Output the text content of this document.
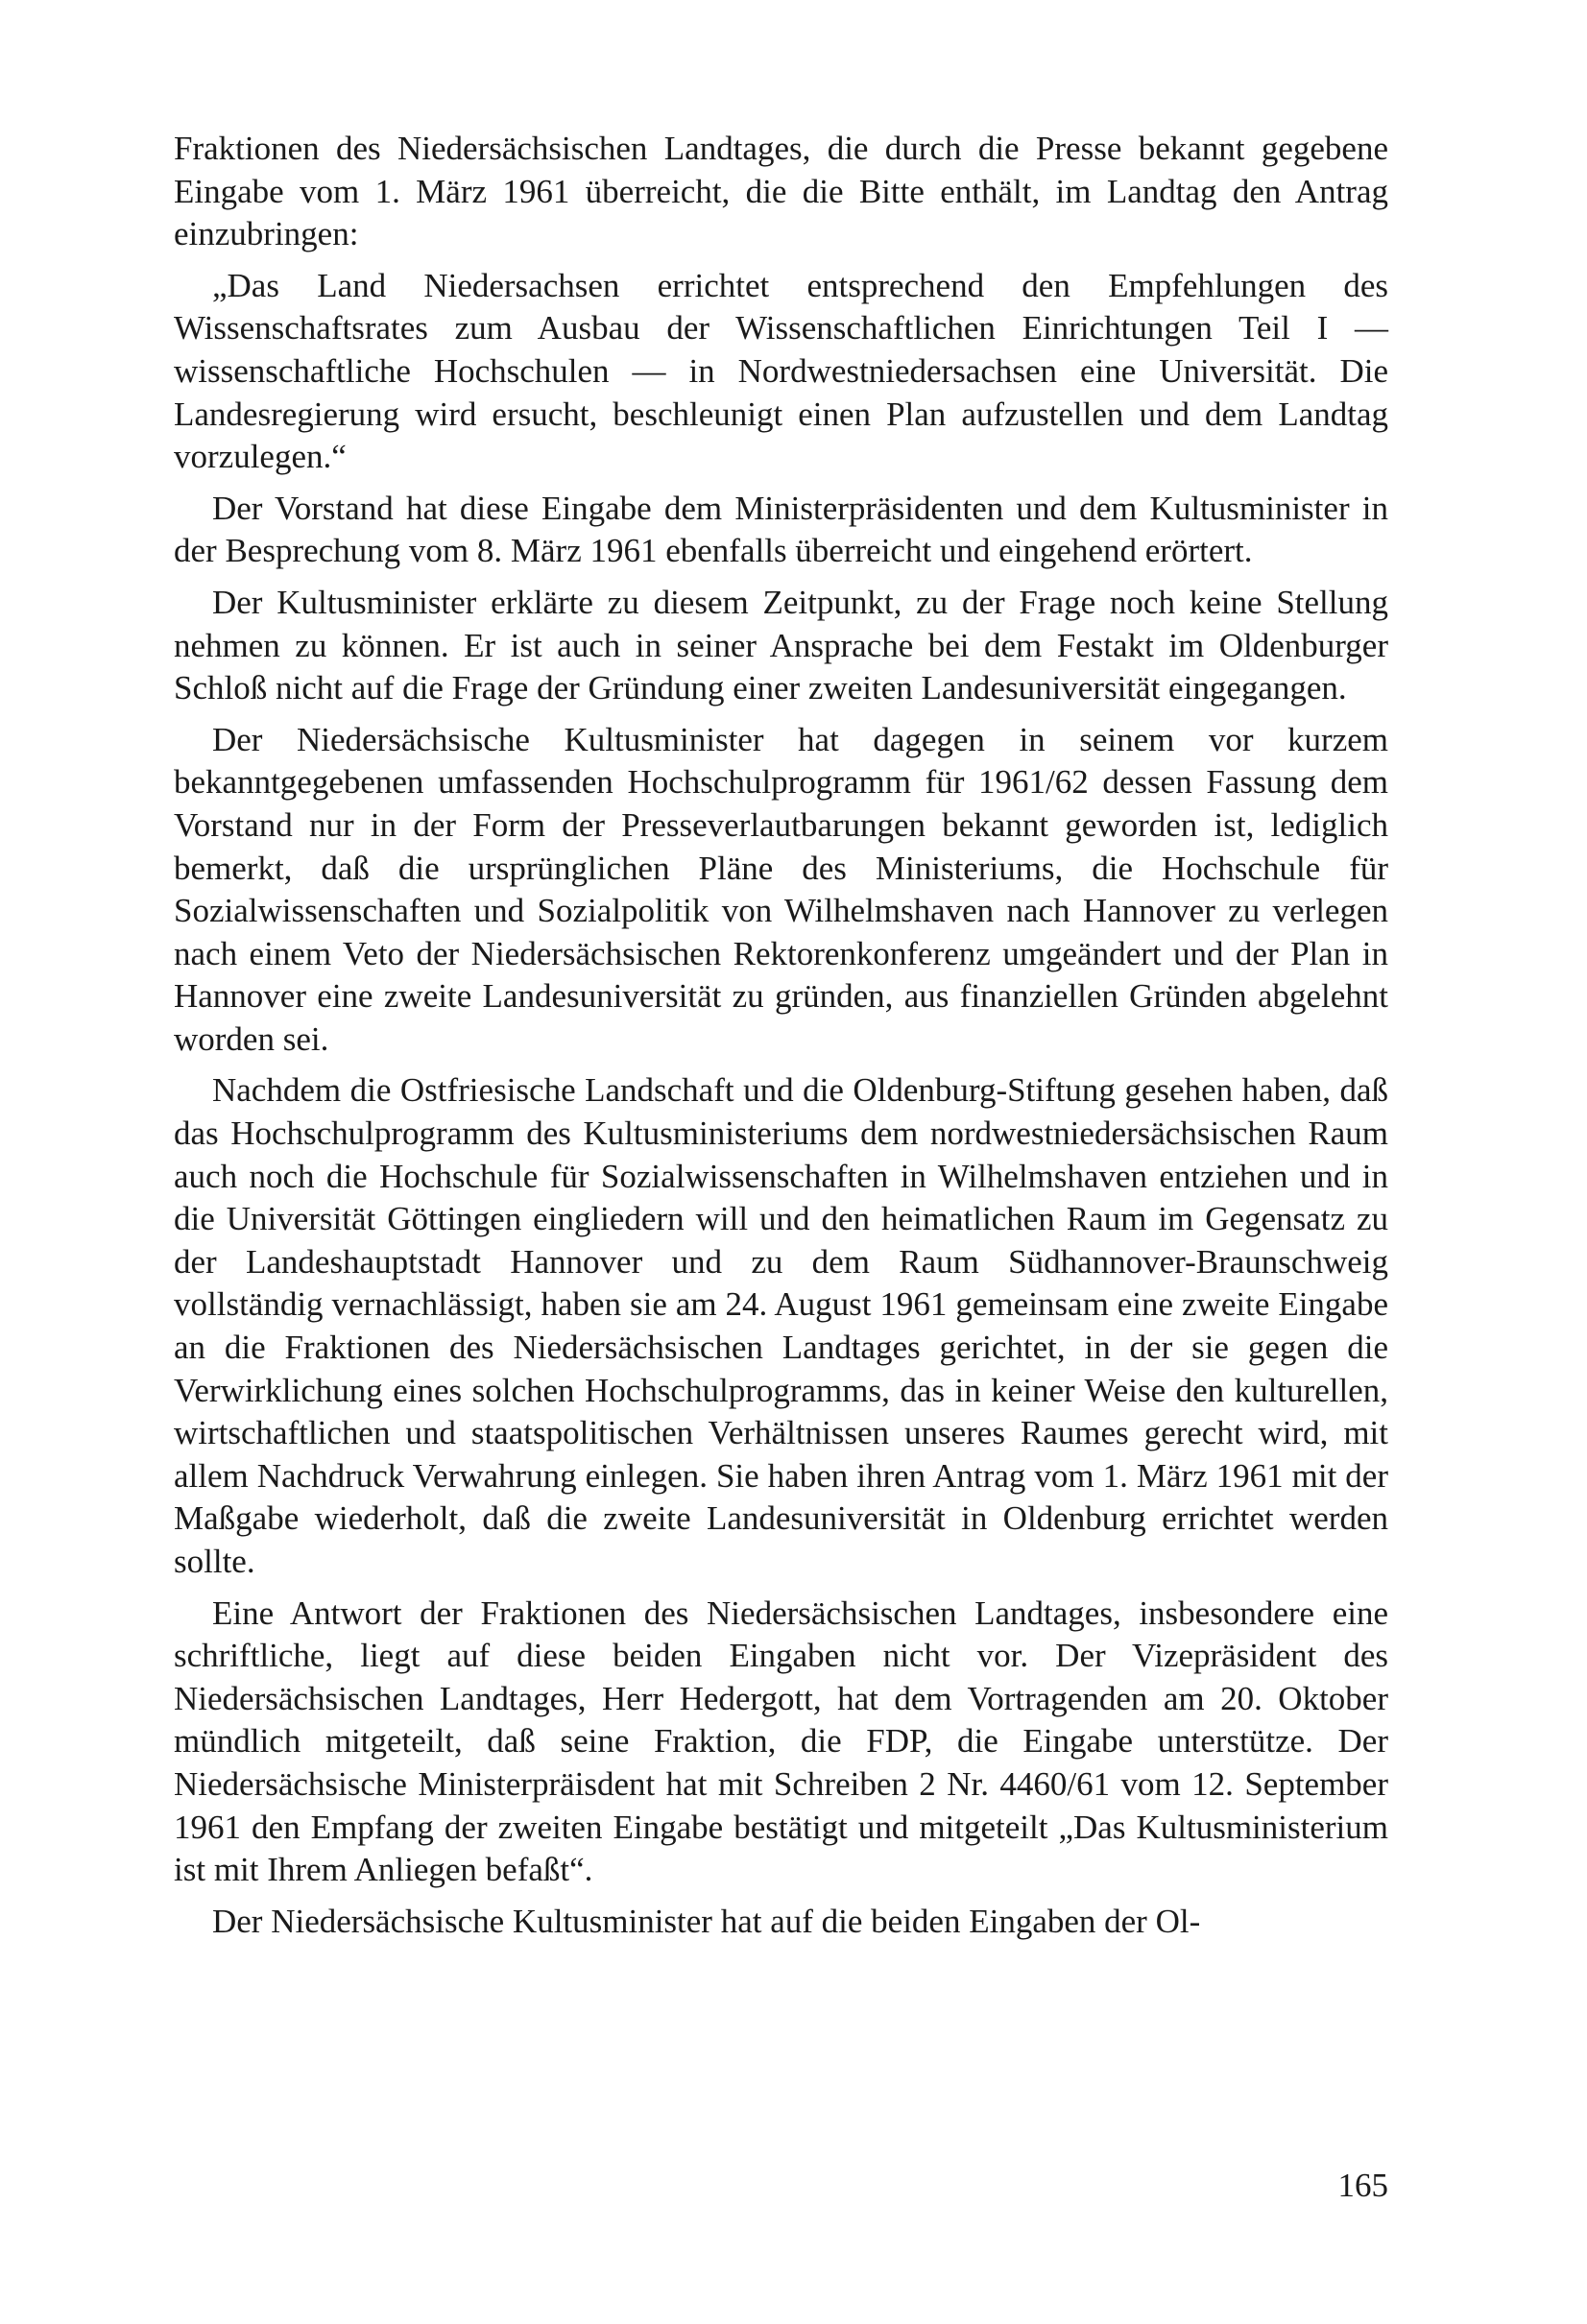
Fraktionen des Niedersächsischen Landtages, die durch die Presse bekannt gegebene Eingabe vom 1. März 1961 überreicht, die die Bitte enthält, im Landtag den Antrag einzubringen:

„Das Land Niedersachsen errichtet entsprechend den Empfehlungen des Wissenschaftsrates zum Ausbau der Wissenschaftlichen Einrichtungen Teil I — wissenschaftliche Hochschulen — in Nordwestniedersachsen eine Universität. Die Landesregierung wird ersucht, beschleunigt einen Plan aufzustellen und dem Landtag vorzulegen.“

Der Vorstand hat diese Eingabe dem Ministerpräsidenten und dem Kultusminister in der Besprechung vom 8. März 1961 ebenfalls überreicht und eingehend erörtert.

Der Kultusminister erklärte zu diesem Zeitpunkt, zu der Frage noch keine Stellung nehmen zu können. Er ist auch in seiner Ansprache bei dem Festakt im Oldenburger Schloß nicht auf die Frage der Gründung einer zweiten Landesuniversität eingegangen.

Der Niedersächsische Kultusminister hat dagegen in seinem vor kurzem bekanntgegebenen umfassenden Hochschulprogramm für 1961/62 dessen Fassung dem Vorstand nur in der Form der Presseverlautbarungen bekannt geworden ist, lediglich bemerkt, daß die ursprünglichen Pläne des Ministeriums, die Hochschule für Sozialwissenschaften und Sozialpolitik von Wilhelmshaven nach Hannover zu verlegen nach einem Veto der Niedersächsischen Rektorenkonferenz umgeändert und der Plan in Hannover eine zweite Landesuniversität zu gründen, aus finanziellen Gründen abgelehnt worden sei.

Nachdem die Ostfriesische Landschaft und die Oldenburg-Stiftung gesehen haben, daß das Hochschulprogramm des Kultusministeriums dem nordwestniedersächsischen Raum auch noch die Hochschule für Sozialwissenschaften in Wilhelmshaven entziehen und in die Universität Göttingen eingliedern will und den heimatlichen Raum im Gegensatz zu der Landeshauptstadt Hannover und zu dem Raum Südhannover-Braunschweig vollständig vernachlässigt, haben sie am 24. August 1961 gemeinsam eine zweite Eingabe an die Fraktionen des Niedersächsischen Landtages gerichtet, in der sie gegen die Verwirklichung eines solchen Hochschulprogramms, das in keiner Weise den kulturellen, wirtschaftlichen und staatspolitischen Verhältnissen unseres Raumes gerecht wird, mit allem Nachdruck Verwahrung einlegen. Sie haben ihren Antrag vom 1. März 1961 mit der Maßgabe wiederholt, daß die zweite Landesuniversität in Oldenburg errichtet werden sollte.

Eine Antwort der Fraktionen des Niedersächsischen Landtages, insbesondere eine schriftliche, liegt auf diese beiden Eingaben nicht vor. Der Vizepräsident des Niedersächsischen Landtages, Herr Hedergott, hat dem Vortragenden am 20. Oktober mündlich mitgeteilt, daß seine Fraktion, die FDP, die Eingabe unterstütze. Der Niedersächsische Ministerpräisdent hat mit Schreiben 2 Nr. 4460/61 vom 12. September 1961 den Empfang der zweiten Eingabe bestätigt und mitgeteilt „Das Kultusministerium ist mit Ihrem Anliegen befaßt“.

Der Niedersächsische Kultusminister hat auf die beiden Eingaben der Ol-

165
